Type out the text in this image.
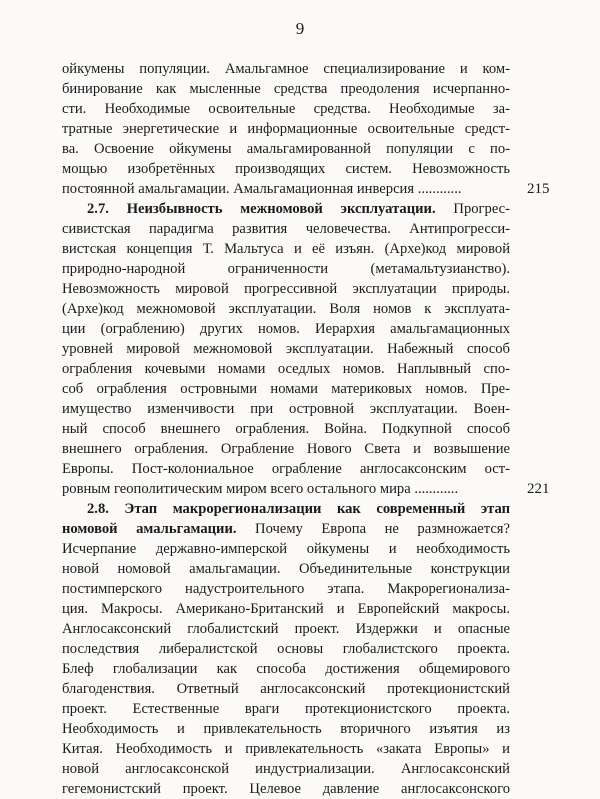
9
ойкумены популяции. Амальгамное специализирование и ком-
бинирование как мысленные средства преодоления исчерпанно-
сти. Необходимые освоительные средства. Необходимые за-
тратные энергетические и информационные освоительные средст-
ва. Освоение ойкумены амальгамированной популяции с по-
мощью изобретённых производящих систем. Невозможность
постоянной амальгамации. Амальгамационная инверсия ............
2.7. Неизбывность межномовой эксплуатации. Прогрес-
сивистская парадигма развития человечества. Антипрогресси-
вистская концепция Т. Мальтуса и её изъян. (Архе)код мировой
природно-народной ограниченности (метамальтузианство).
Невозможность мировой прогрессивной эксплуатации природы.
(Архе)код межномовой эксплуатации. Воля номов к эксплуата-
ции (ограблению) других номов. Иерархия амальгамационных
уровней мировой межномовой эксплуатации. Набежный способ
ограбления кочевыми номами оседлых номов. Наплывный спо-
соб ограбления островными номами материковых номов. Пре-
имущество изменчивости при островной эксплуатации. Воен-
ный способ внешнего ограбления. Война. Подкупной способ
внешнего ограбления. Ограбление Нового Света и возвышение
Европы. Пост-колониальное ограбление англосаксонским ост-
ровным геополитическим миром всего остального мира ............
2.8. Этап макрорегионализации как современный этап
номовой амальгамации. Почему Европа не размножается?
Исчерпание державно-имперской ойкумены и необходимость
новой номовой амальгамации. Объединительные конструкции
постимперского надустроительного этапа. Макрорегионализа-
ция. Макросы. Американо-Британский и Европейский макросы.
Англосаксонский глобалистский проект. Издержки и опасные
последствия либералистской основы глобалистского проекта.
Блеф глобализации как способа достижения общемирового
благоденствия. Ответный англосаксонский протекционистский
проект. Естественные враги протекционистского проекта.
Необходимость и привлекательность вторичного изъятия из
Китая. Необходимость и привлекательность «заката Европы» и
новой англосаксонской индустриализации. Англосаксонский
гегемонистский проект. Целевое давление англосаксонского
215
221
